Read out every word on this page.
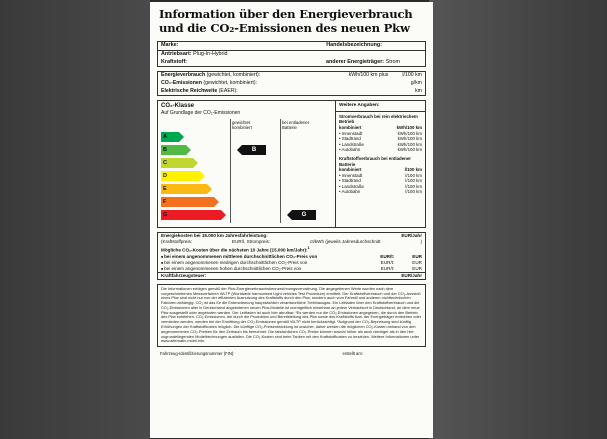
Information über den Energieverbrauch
und die CO₂-Emissionen des neuen Pkw
Marke:	Handelsbezeichnung:
Antriebsart: Plug-In-Hybrid
Kraftstoff:	anderer Energieträger: Strom
Energieverbrauch (gewichtet, kombiniert):	kWh/100 km plus	l/100 km
CO₂-Emissionen (gewichtet, kombiniert):	g/km
Elektrische Reichweite (EAER):	km
CO₂-Klasse
Auf Grundlage der CO₂-Emissionen
gewichtet kombiniert
bei entladener Batterie
A
B
C
D
E
F
G
B
G
Weitere Angaben:
Stromverbrauch bei rein elektrischem Betrieb
kombiniert	kWh/100 km
• Innenstadt	kWh/100 km
• Stadtrand	kWh/100 km
• Landstraße	kWh/100 km
• Autobahn	kWh/100 km
Kraftstoffverbrauch bei entladener Batterie
kombiniert	l/100 km
• Innenstadt	l/100 km
• Stadtrand	l/100 km
• Landstraße	l/100 km
• Autobahn	l/100 km
Energiekosten bei 15.000 km Jahresfahrleistung:	EUR/Jahr
(Kraftstoffpreis:	EUR/l, Strompreis:	ct/kWh (jeweils Jahresdurchschnitt	)
Mögliche CO₂-Kosten über die nächsten 10 Jahre (15.000 km/Jahr):$^1$
■ bei einem angenommenen mittleren durchschnittlichen CO₂-Preis von	EUR/t:	EUR
■ bei einem angenommenen niedrigen durchschnittlichen CO₂-Preis von	EUR/t:	EUR
■ bei einem angenommenen hohen durchschnittlichen CO₂-Preis von	EUR/t:	EUR
Kraftfahrzeugsteuer:	EUR/Jahr
Die Informationen erfolgen gemäß der Pkw-Energieverbrauchskennzeichnungsverordnung. Die angegebenen Werte wurden nach dem vorgeschriebenen Messverfahren WLTP (Worldwide harmonised Light vehicles Test Procedure) ermittelt. Der Kraftstoffverbrauch und der CO₂-Ausstoß eines Pkw sind nicht nur von der effizienten Ausnutzung des Kraftstoffs durch den Pkw, sondern auch vom Fahrstil und anderen nichttechnischen Faktoren abhängig. CO₂ ist das für die Erderwärmung hauptsächlich verantwortliche Treibhausgas. Ein Leitfaden über den Kraftstoffverbrauch und die CO₂-Emissionen aller in Deutschland angebotenen neuen Pkw-Modelle ist unentgeltlich einsehbar an jedem Verkaufsort in Deutschland, an dem neue Pkw ausgestellt oder angeboten werden. Der Leitfaden ist auch hier abrufbar: ¹Es werden nur die CO₂-Emissionen angegeben, die durch den Betrieb des Pkw entstehen. CO₂-Emissionen, die durch die Produktion und Bereitstellung des Pkw sowie des Kraftstoffs bzw. der Energieträger entstehen oder vermieden werden, werden bei der Ermittlung der CO₂-Emissionen gemäß WLTP nicht berücksichtigt. ²Aufgrund der CO₂-Bepreisung sind künftig Erhöhungen der Kraftstoffkosten möglich. Die künftige CO₂-Preisentwicklung ist unsicher, daher werden die möglichen CO₂-Kosten anhand von drei angenommenen CO₂-Preisen für den Zeitraum bis berechnet. Die tatsächlichen CO₂-Preise können sowohl höher als auch niedriger als in den hier zugrundeliegenden Modellrechnungen ausfallen. Die CO₂-Kosten sind beim Tanken mit den Kraftstoffkosten zu bezahlen. Weitere Informationen unter www.alternativ-mobil.info.
Fahrzeug-Identifizierungsnummer (FIN):	erstellt am:
